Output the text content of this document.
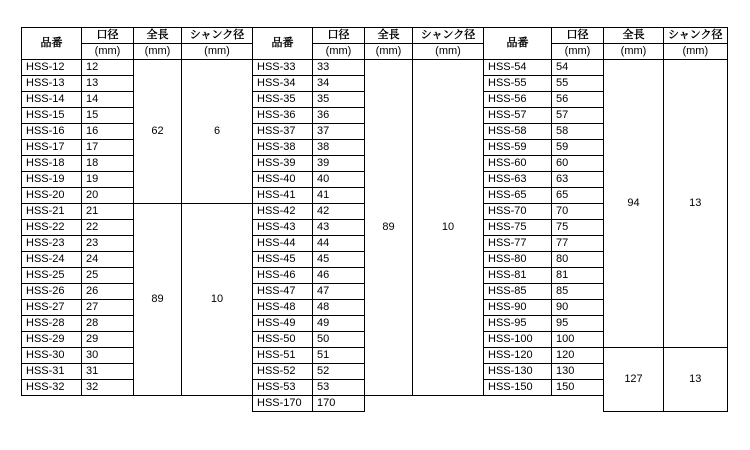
品番	口径	全長	シャンク径	品番	口径	全長	シャンク径	品番	口径	全長	シャンク径
	(mm)	(mm)	(mm)		(mm)	(mm)	(mm)		(mm)	(mm)	(mm)
HSS-12	12	62	6	HSS-33	33	89	10	HSS-54	54	94	13
HSS-13	13			HSS-34	34			HSS-55	55		
HSS-14	14			HSS-35	35			HSS-56	56		
HSS-15	15			HSS-36	36			HSS-57	57		
HSS-16	16			HSS-37	37			HSS-58	58		
HSS-17	17			HSS-38	38			HSS-59	59		
HSS-18	18			HSS-39	39			HSS-60	60		
HSS-19	19			HSS-40	40			HSS-63	63		
HSS-20	20			HSS-41	41			HSS-65	65		
HSS-21	21	89	10	HSS-42	42			HSS-70	70		
HSS-22	22			HSS-43	43			HSS-75	75		
HSS-23	23			HSS-44	44			HSS-77	77		
HSS-24	24			HSS-45	45			HSS-80	80		
HSS-25	25			HSS-46	46			HSS-81	81		
HSS-26	26			HSS-47	47			HSS-85	85		
HSS-27	27			HSS-48	48			HSS-90	90		
HSS-28	28			HSS-49	49			HSS-95	95		
HSS-29	29			HSS-50	50			HSS-100	100		
HSS-30	30			HSS-51	51			HSS-120	120	127	13
HSS-31	31			HSS-52	52			HSS-130	130		
HSS-32	32			HSS-53	53			HSS-150	150		
				HSS-170	170						
